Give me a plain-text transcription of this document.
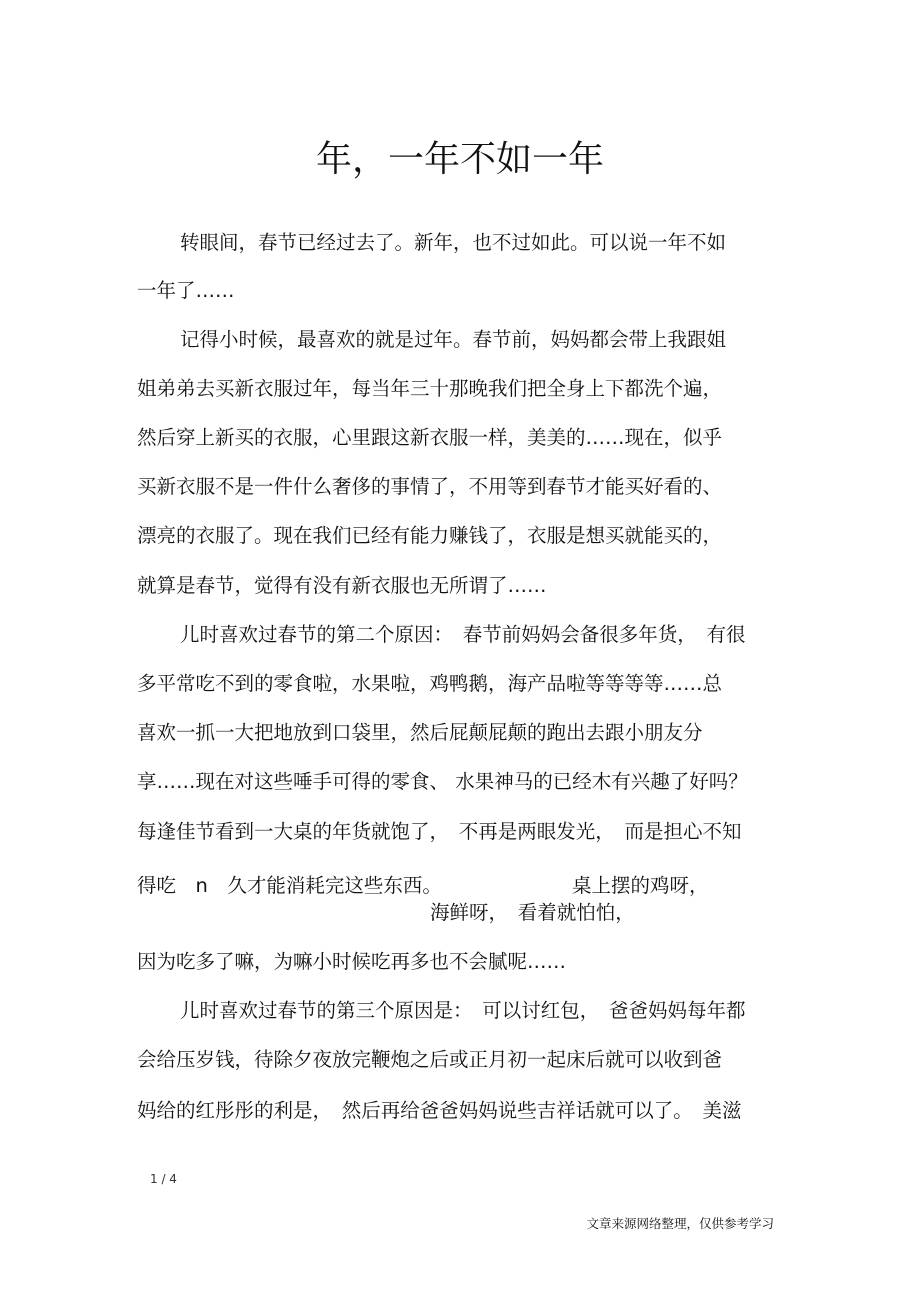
年，一年不如一年

转眼间，春节已经过去了。新年，也不过如此。可以说一年不如

一年了……

记得小时候，最喜欢的就是过年。春节前，妈妈都会带上我跟姐

姐弟弟去买新衣服过年，每当年三十那晚我们把全身上下都洗个遍，

然后穿上新买的衣服，心里跟这新衣服一样，美美的……现在，似乎

买新衣服不是一件什么奢侈的事情了，不用等到春节才能买好看的、

漂亮的衣服了。现在我们已经有能力赚钱了，衣服是想买就能买的，

就算是春节，觉得有没有新衣服也无所谓了……

儿时喜欢过春节的第二个原因：　春节前妈妈会备很多年货，　有很

多平常吃不到的零食啦，水果啦，鸡鸭鹅，海产品啦等等等等……总

喜欢一抓一大把地放到口袋里，然后屁颠屁颠的跑出去跟小朋友分

享……现在对这些唾手可得的零食、 水果神马的已经木有兴趣了好吗？

每逢佳节看到一大桌的年货就饱了，　不再是两眼发光，　而是担心不知

得吃　n　久才能消耗完这些东西。	桌上摆的鸡呀，

海鲜呀，　看着就怕怕，

因为吃多了嘛，为嘛小时候吃再多也不会腻呢……

儿时喜欢过春节的第三个原因是：　可以讨红包，　爸爸妈妈每年都

会给压岁钱，待除夕夜放完鞭炮之后或正月初一起床后就可以收到爸

妈给的红彤彤的利是，　然后再给爸爸妈妈说些吉祥话就可以了。　美滋

1 / 4
文章来源网络整理，仅供参考学习
